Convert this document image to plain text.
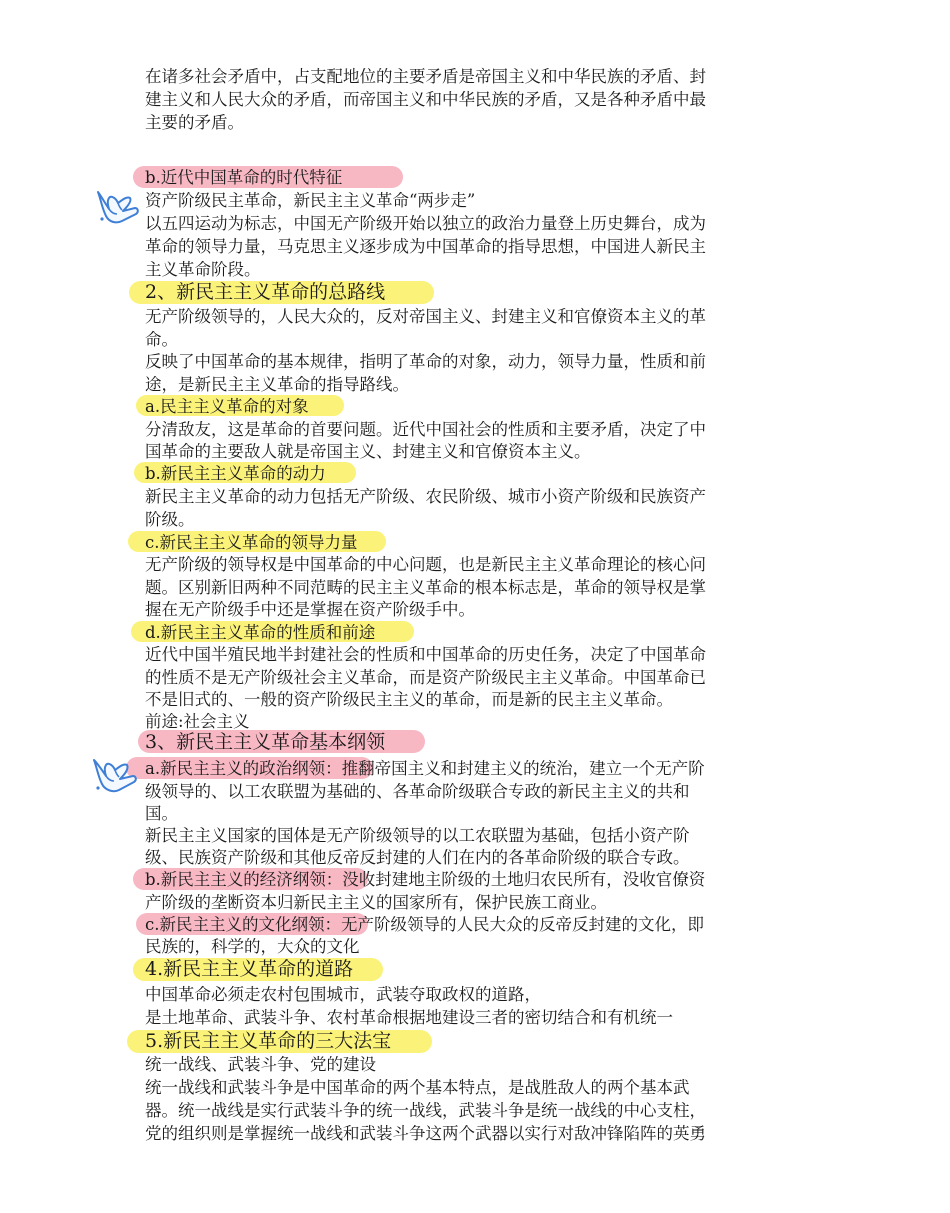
在诸多社会矛盾中，占支配地位的主要矛盾是帝国主义和中华民族的矛盾、封
建主义和人民大众的矛盾，而帝国主义和中华民族的矛盾，又是各种矛盾中最
主要的矛盾。
b.近代中国革命的时代特征
资产阶级民主革命，新民主主义革命“两步走”
以五四运动为标志，中国无产阶级开始以独立的政治力量登上历史舞台，成为
革命的领导力量，马克思主义逐步成为中国革命的指导思想，中国进人新民主
主义革命阶段。
2、新民主主义革命的总路线
无产阶级领导的，人民大众的，反对帝国主义、封建主义和官僚资本主义的革
命。
反映了中国革命的基本规律，指明了革命的对象，动力，领导力量，性质和前
途，是新民主主义革命的指导路线。
a.民主主义革命的对象
分清敌友，这是革命的首要问题。近代中国社会的性质和主要矛盾，决定了中
国革命的主要敌人就是帝国主义、封建主义和官僚资本主义。
b.新民主主义革命的动力
新民主主义革命的动力包括无产阶级、农民阶级、城市小资产阶级和民族资产
阶级。
c.新民主主义革命的领导力量
无产阶级的领导权是中国革命的中心问题，也是新民主主义革命理论的核心问
题。区别新旧两种不同范畴的民主主义革命的根本标志是，革命的领导权是掌
握在无产阶级手中还是掌握在资产阶级手中。
d.新民主主义革命的性质和前途
近代中国半殖民地半封建社会的性质和中国革命的历史任务，决定了中国革命
的性质不是无产阶级社会主义革命，而是资产阶级民主主义革命。中国革命已
不是旧式的、一般的资产阶级民主主义的革命，而是新的民主主义革命。
前途:社会主义
3、新民主主义革命基本纲领
a.新民主主义的政治纲领：推翻帝国主义和封建主义的统治，建立一个无产阶
级领导的、以工农联盟为基础的、各革命阶级联合专政的新民主主义的共和
国。
新民主主义国家的国体是无产阶级领导的以工农联盟为基础，包括小资产阶
级、民族资产阶级和其他反帝反封建的人们在内的各革命阶级的联合专政。
b.新民主主义的经济纲领：没收封建地主阶级的土地归农民所有，没收官僚资
产阶级的垄断资本归新民主主义的国家所有，保护民族工商业。
c.新民主主义的文化纲领：无产阶级领导的人民大众的反帝反封建的文化，即
民族的，科学的，大众的文化
4.新民主主义革命的道路
中国革命必须走农村包围城市，武装夺取政权的道路，
是土地革命、武装斗争、农村革命根据地建设三者的密切结合和有机统一
5.新民主主义革命的三大法宝
统一战线、武装斗争、党的建设
统一战线和武装斗争是中国革命的两个基本特点，是战胜敌人的两个基本武
器。统一战线是实行武装斗争的统一战线，武装斗争是统一战线的中心支柱，
党的组织则是掌握统一战线和武装斗争这两个武器以实行对敌冲锋陷阵的英勇
